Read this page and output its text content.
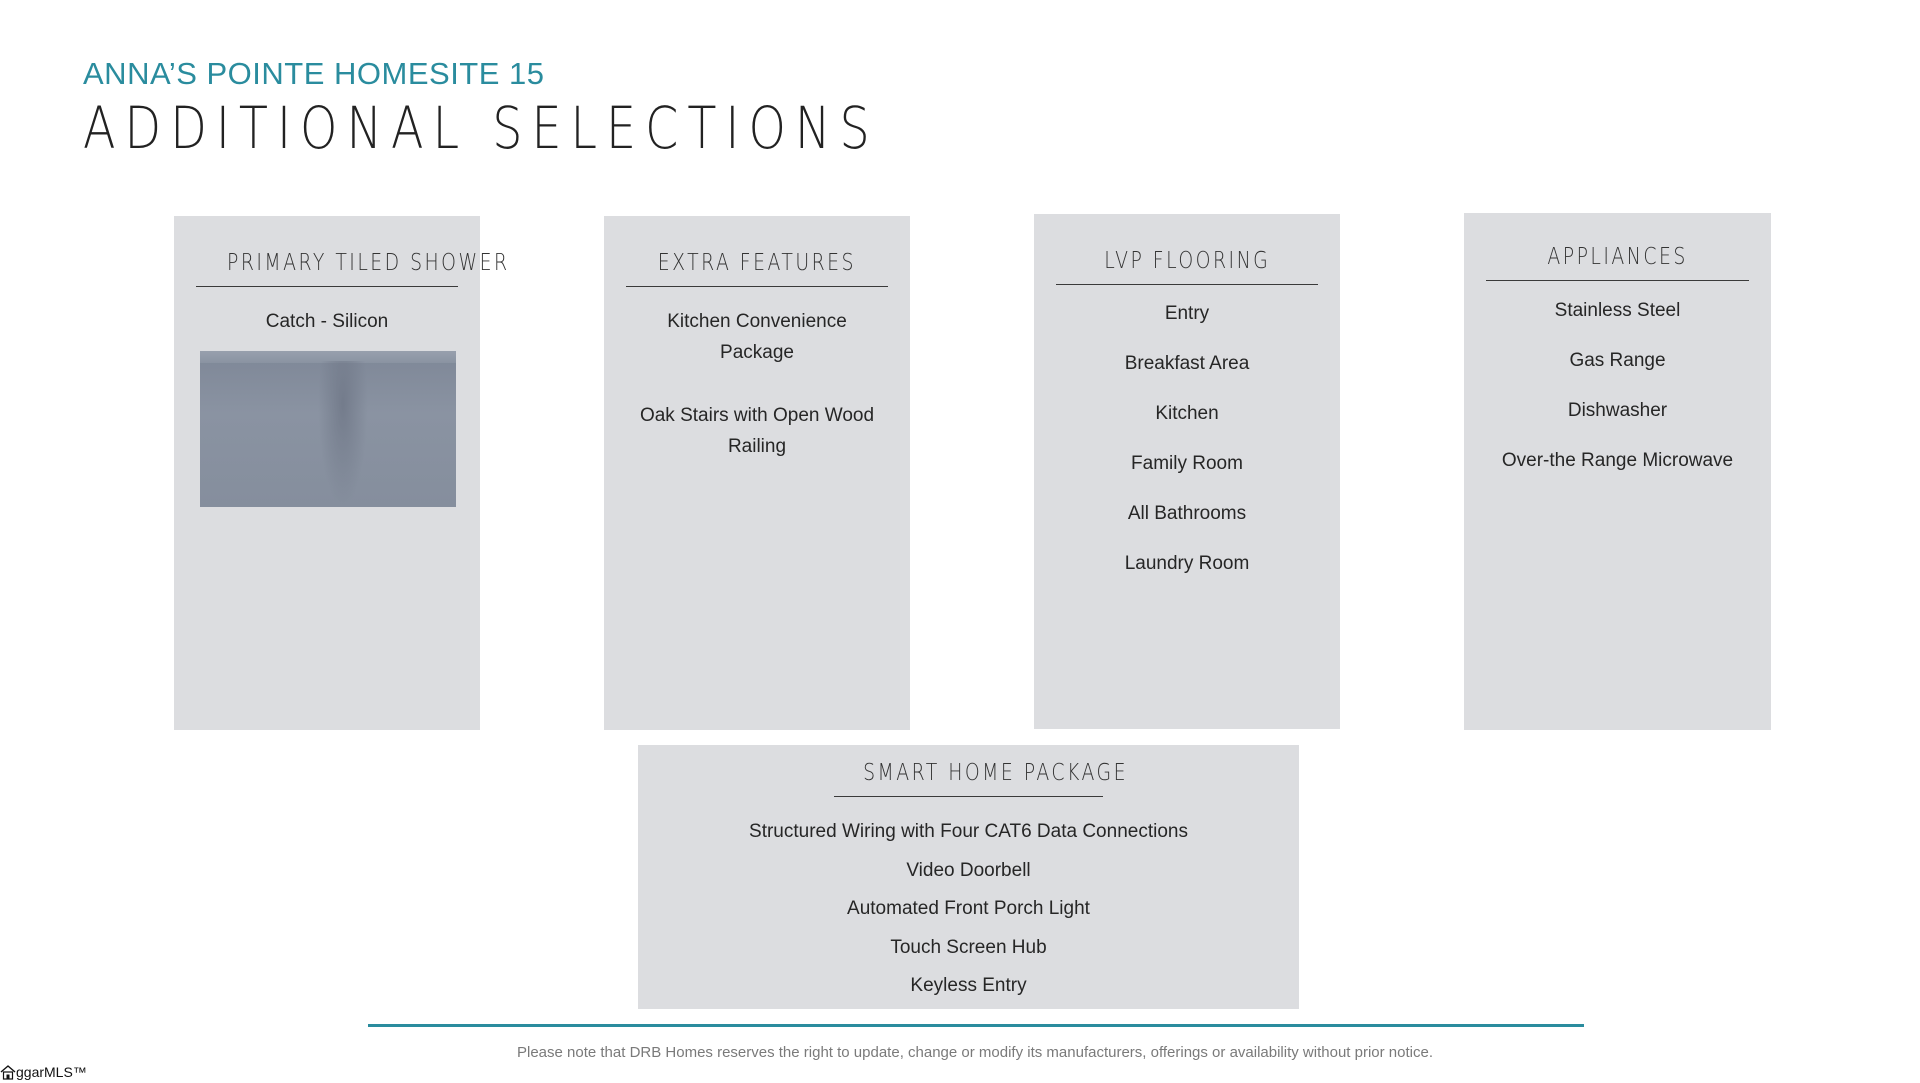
ANNA’S POINTE HOMESITE 15
ADDITIONAL SELECTIONS
PRIMARY TILED SHOWER
Catch - Silicon
EXTRA FEATURES
Kitchen Convenience Package
Oak Stairs with Open Wood Railing
LVP FLOORING
Entry
Breakfast Area
Kitchen
Family Room
All Bathrooms
Laundry Room
APPLIANCES
Stainless Steel
Gas Range
Dishwasher
Over-the Range Microwave
SMART HOME PACKAGE
Structured Wiring with Four CAT6 Data Connections
Video Doorbell
Automated Front Porch Light
Touch Screen Hub
Keyless Entry
Please note that DRB Homes reserves the right to update, change or modify its manufacturers, offerings or availability without prior notice.
ggarMLS™
